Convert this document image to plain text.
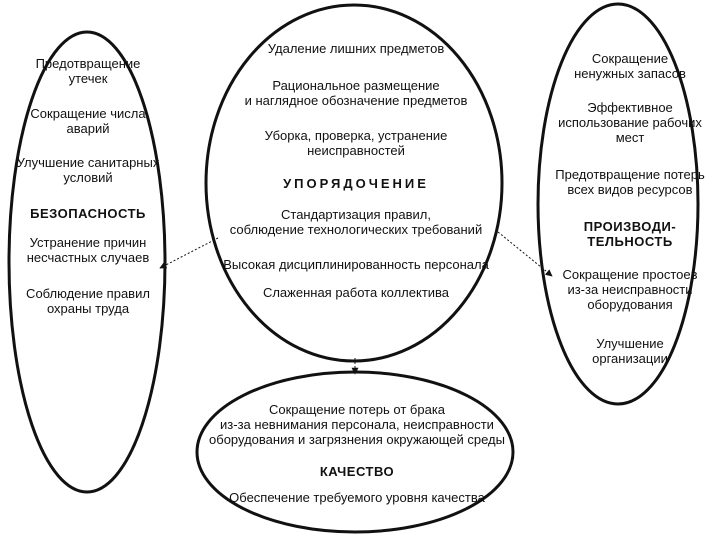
Удаление лишних предметов
Рациональное размещение
и наглядное обозначение предметов
Уборка, проверка, устранение
неисправностей
УПОРЯДОЧЕНИЕ
Стандартизация правил,
соблюдение технологических требований
Высокая дисциплинированность персонала
Слаженная работа коллектива
Предотвращение
утечек
Сокращение числа
аварий
Улучшение санитарных
условий
БЕЗОПАСНОСТЬ
Устранение причин
несчастных случаев
Соблюдение правил
охраны труда
Сокращение
ненужных запасов
Эффективное
использование рабочих
мест
Предотвращение потерь
всех видов ресурсов
ПРОИЗВОДИ-
ТЕЛЬНОСТЬ
Сокращение простоев
из-за неисправности
оборудования
Улучшение
организации
Сокращение потерь от брака
из-за невнимания персонала, неисправности
оборудования и загрязнения окружающей среды
КАЧЕСТВО
Обеспечение требуемого уровня качества
